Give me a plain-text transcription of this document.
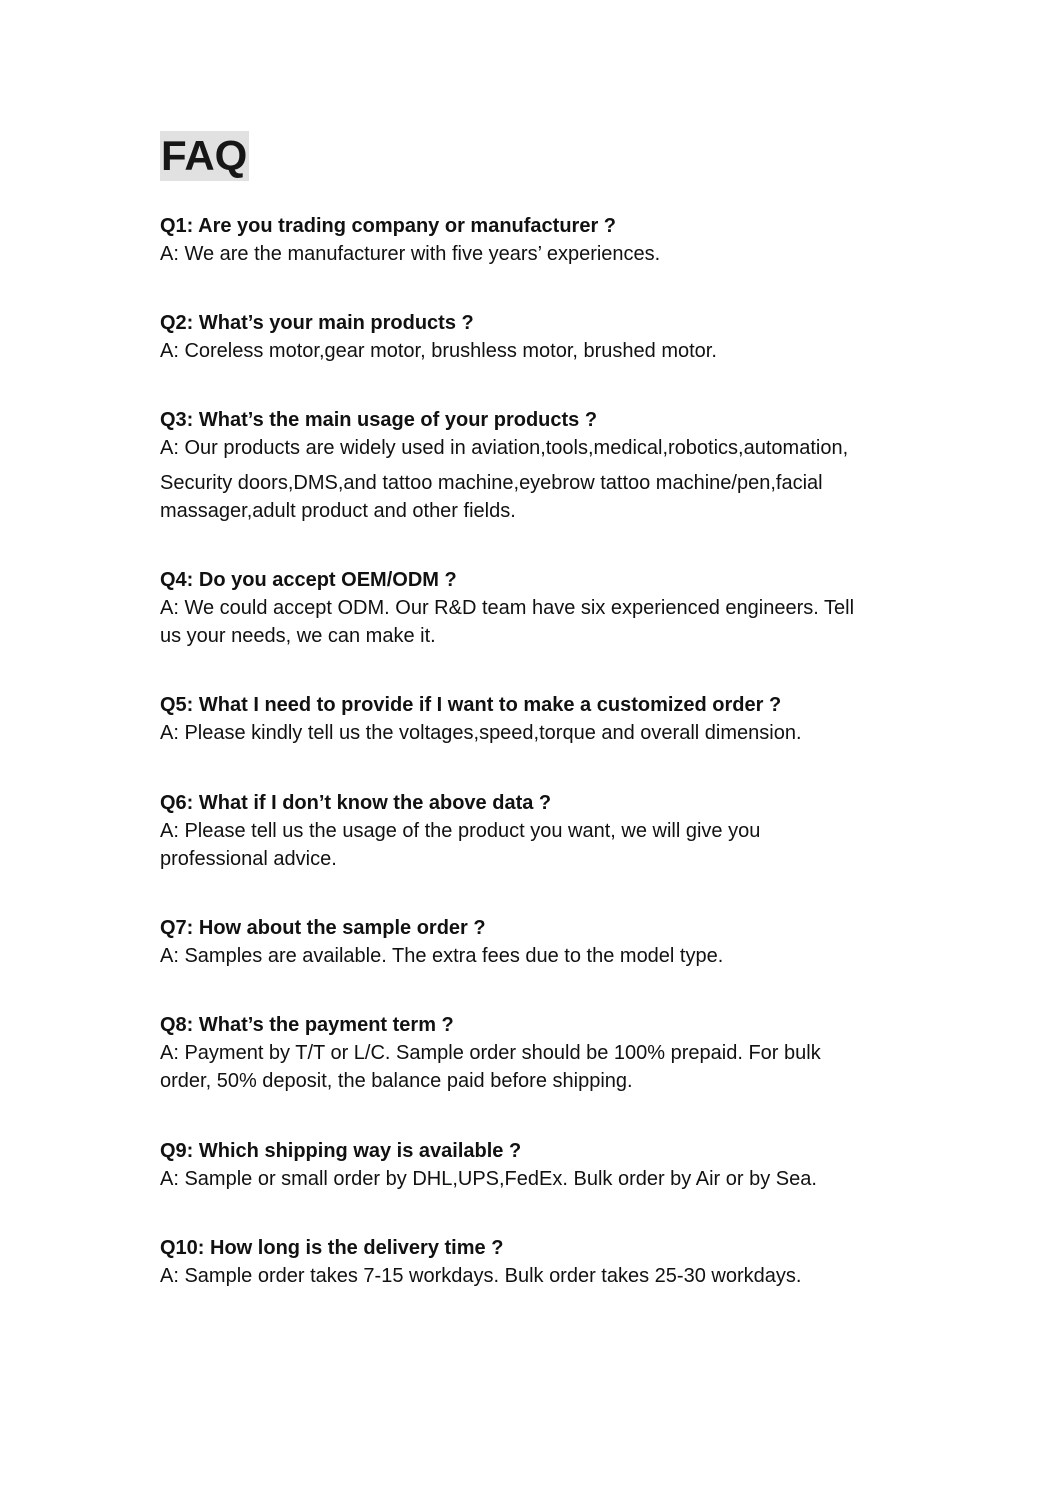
FAQ
Q1: Are you trading company or manufacturer ?
A: We are the manufacturer with five years’ experiences.
Q2: What’s your main products ?
A: Coreless motor,gear motor, brushless motor, brushed motor.
Q3: What’s the main usage of your products ?
A: Our products are widely used in aviation,tools,medical,robotics,automation,
Security doors,DMS,and tattoo machine,eyebrow tattoo machine/pen,facial
massager,adult product and other fields.
Q4: Do you accept OEM/ODM ?
A: We could accept ODM. Our R&D team have six experienced engineers. Tell
us your needs, we can make it.
Q5: What I need to provide if I want to make a customized order ?
A: Please kindly tell us the voltages,speed,torque and overall dimension.
Q6: What if I don’t know the above data ?
A: Please tell us the usage of the product you want, we will give you
professional advice.
Q7: How about the sample order ?
A: Samples are available. The extra fees due to the model type.
Q8: What’s the payment term ?
A: Payment by T/T or L/C. Sample order should be 100% prepaid. For bulk
order, 50% deposit, the balance paid before shipping.
Q9: Which shipping way is available ?
A: Sample or small order by DHL,UPS,FedEx. Bulk order by Air or by Sea.
Q10: How long is the delivery time ?
A: Sample order takes 7-15 workdays. Bulk order takes 25-30 workdays.
